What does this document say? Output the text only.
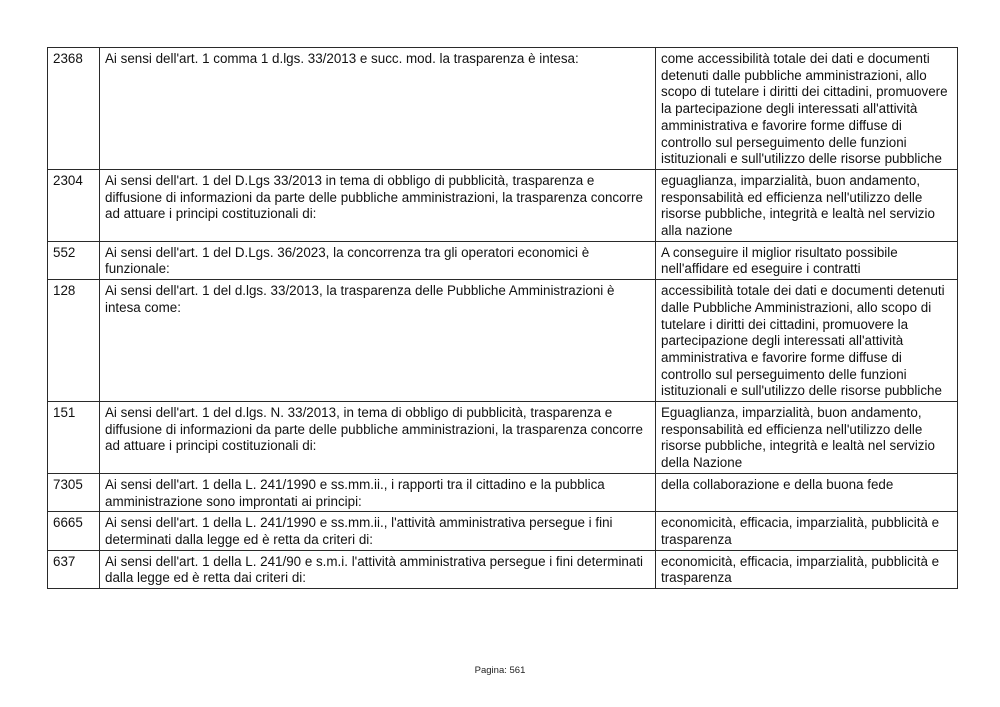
2368	Ai sensi dell'art. 1 comma 1 d.lgs. 33/2013 e succ. mod. la trasparenza è intesa:	come accessibilità totale dei dati e documenti detenuti dalle pubbliche amministrazioni, allo scopo di tutelare i diritti dei cittadini, promuovere la partecipazione degli interessati all'attività amministrativa e favorire forme diffuse di controllo sul perseguimento delle funzioni istituzionali e sull'utilizzo delle risorse pubbliche
2304	Ai sensi dell'art. 1 del D.Lgs 33/2013 in tema di obbligo di pubblicità, trasparenza e diffusione di informazioni da parte delle pubbliche amministrazioni, la trasparenza concorre ad attuare i principi costituzionali di:	eguaglianza, imparzialità, buon andamento, responsabilità ed efficienza nell'utilizzo delle risorse pubbliche, integrità e lealtà nel servizio alla nazione
552	Ai sensi dell'art. 1 del D.Lgs. 36/2023, la concorrenza tra gli operatori economici è funzionale:	A conseguire il miglior risultato possibile nell'affidare ed eseguire i contratti
128	Ai sensi dell'art. 1 del d.lgs. 33/2013, la trasparenza delle Pubbliche Amministrazioni è intesa come:	accessibilità totale dei dati e documenti detenuti dalle Pubbliche Amministrazioni, allo scopo di tutelare i diritti dei cittadini, promuovere la partecipazione degli interessati all'attività amministrativa e favorire forme diffuse di controllo sul perseguimento delle funzioni istituzionali e sull'utilizzo delle risorse pubbliche
151	Ai sensi dell'art. 1 del d.lgs. N. 33/2013, in tema di obbligo di pubblicità, trasparenza e diffusione di informazioni da parte delle pubbliche amministrazioni, la trasparenza concorre ad attuare i principi costituzionali di:	Eguaglianza, imparzialità, buon andamento, responsabilità ed efficienza nell'utilizzo delle risorse pubbliche, integrità e lealtà nel servizio della Nazione
7305	Ai sensi dell'art. 1 della L. 241/1990 e ss.mm.ii., i rapporti tra il cittadino e la pubblica amministrazione sono improntati ai principi:	della collaborazione e della buona fede
6665	Ai sensi dell'art. 1 della L. 241/1990 e ss.mm.ii., l'attività amministrativa persegue i fini determinati dalla legge ed è retta da criteri di:	economicità, efficacia, imparzialità, pubblicità e trasparenza
637	Ai sensi dell'art. 1 della L. 241/90 e s.m.i. l'attività amministrativa persegue i fini determinati dalla legge ed è retta dai criteri di:	economicità, efficacia, imparzialità, pubblicità e trasparenza
Pagina: 561
